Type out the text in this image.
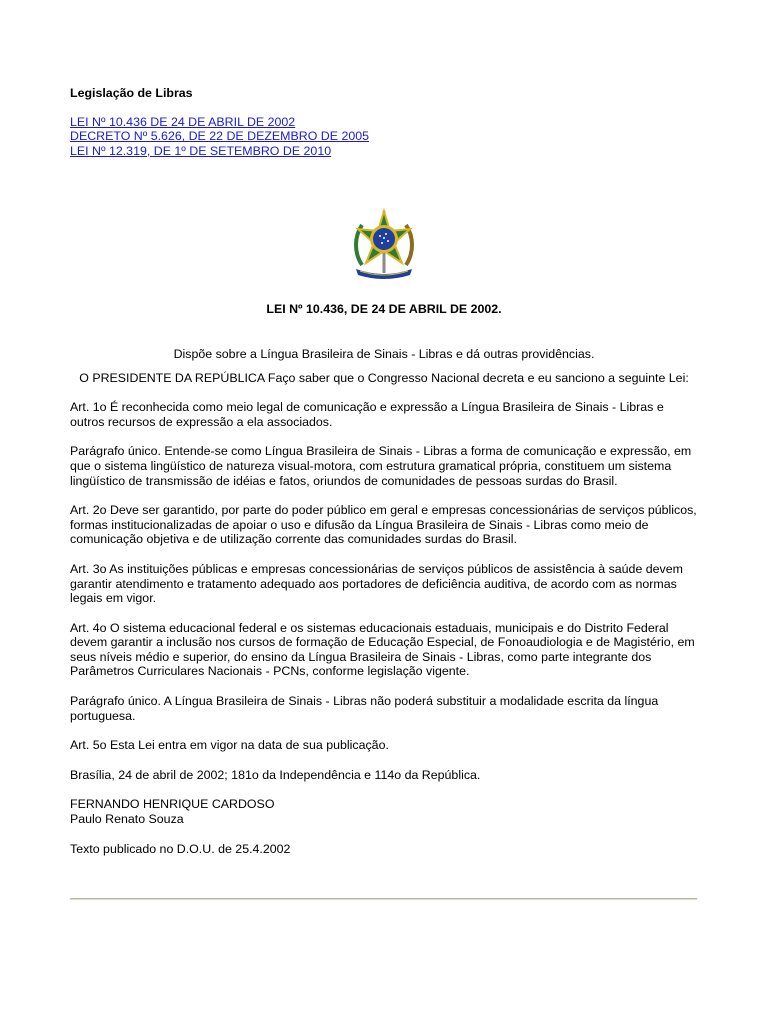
Legislação de Libras
LEI Nº 10.436 DE 24 DE ABRIL DE 2002
DECRETO Nº 5.626, DE 22 DE DEZEMBRO DE 2005
LEI Nº 12.319, DE 1º DE SETEMBRO DE 2010
LEI Nº 10.436, DE 24 DE ABRIL DE 2002.

Dispõe sobre a Língua Brasileira de Sinais - Libras e dá outras providências.

O PRESIDENTE DA REPÚBLICA Faço saber que o Congresso Nacional decreta e eu sanciono a seguinte Lei:

Art. 1o É reconhecida como meio legal de comunicação e expressão a Língua Brasileira de Sinais - Libras e outros recursos de expressão a ela associados.

Parágrafo único. Entende-se como Língua Brasileira de Sinais - Libras a forma de comunicação e expressão, em que o sistema lingüístico de natureza visual-motora, com estrutura gramatical própria, constituem um sistema lingüístico de transmissão de idéias e fatos, oriundos de comunidades de pessoas surdas do Brasil.

Art. 2o Deve ser garantido, por parte do poder público em geral e empresas concessionárias de serviços públicos, formas institucionalizadas de apoiar o uso e difusão da Língua Brasileira de Sinais - Libras como meio de comunicação objetiva e de utilização corrente das comunidades surdas do Brasil.

Art. 3o As instituições públicas e empresas concessionárias de serviços públicos de assistência à saúde devem garantir atendimento e tratamento adequado aos portadores de deficiência auditiva, de acordo com as normas legais em vigor.

Art. 4o O sistema educacional federal e os sistemas educacionais estaduais, municipais e do Distrito Federal devem garantir a inclusão nos cursos de formação de Educação Especial, de Fonoaudiologia e de Magistério, em seus níveis médio e superior, do ensino da Língua Brasileira de Sinais - Libras, como parte integrante dos Parâmetros Curriculares Nacionais - PCNs, conforme legislação vigente.

Parágrafo único. A Língua Brasileira de Sinais - Libras não poderá substituir a modalidade escrita da língua portuguesa.

Art. 5o Esta Lei entra em vigor na data de sua publicação.

Brasília, 24 de abril de 2002; 181o da Independência e 114o da República.

FERNANDO HENRIQUE CARDOSO
Paulo Renato Souza

Texto publicado no D.O.U. de 25.4.2002
